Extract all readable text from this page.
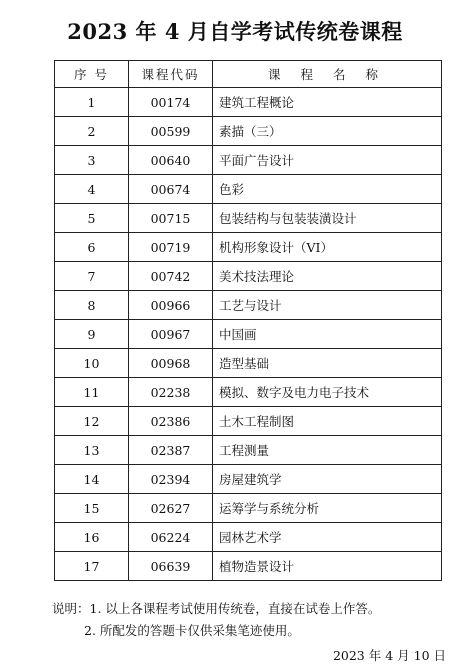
2023 年 4 月自学考试传统卷课程
序 号	课程代码	课 程 名 称
1	00174	建筑工程概论
2	00599	素描（三）
3	00640	平面广告设计
4	00674	色彩
5	00715	包装结构与包装装潢设计
6	00719	机构形象设计（VI）
7	00742	美术技法理论
8	00966	工艺与设计
9	00967	中国画
10	00968	造型基础
11	02238	模拟、数字及电力电子技术
12	02386	土木工程制图
13	02387	工程测量
14	02394	房屋建筑学
15	02627	运筹学与系统分析
16	06224	园林艺术学
17	06639	植物造景设计
说明：1. 以上各课程考试使用传统卷，直接在试卷上作答。
2. 所配发的答题卡仅供采集笔迹使用。
2023 年 4 月 10 日
